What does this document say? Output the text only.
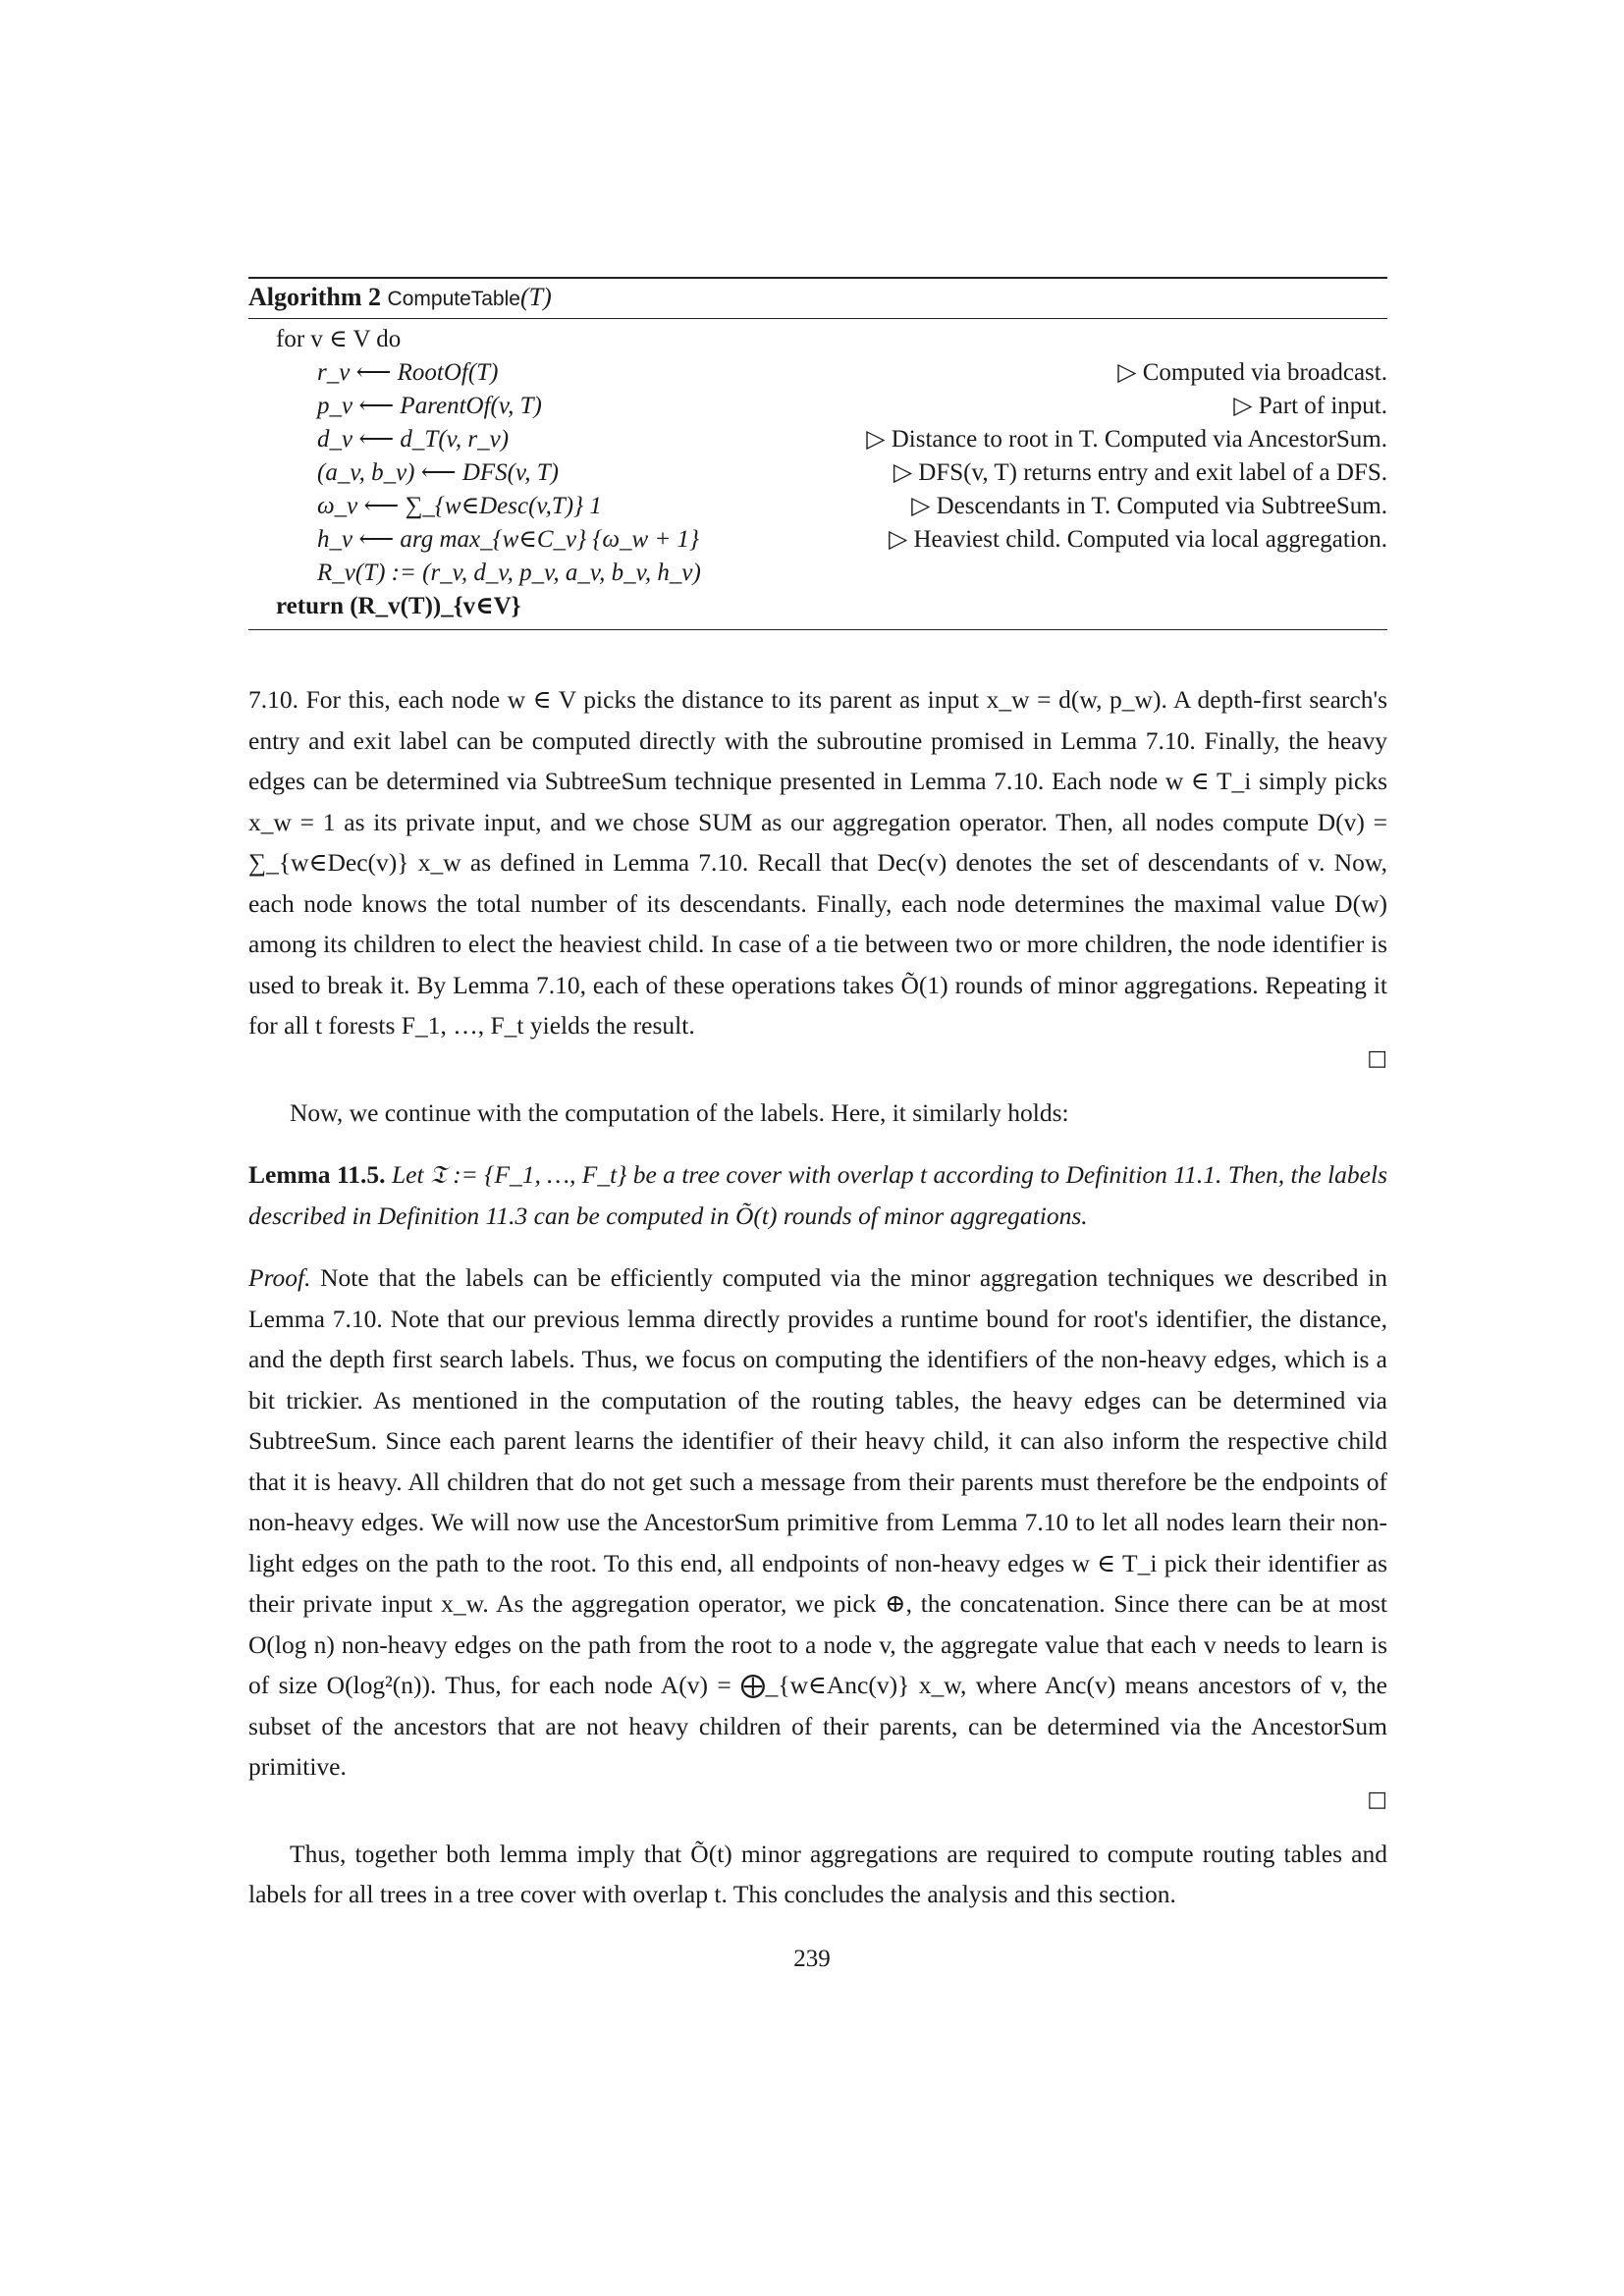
Algorithm 2 ComputeTable(T)
for v ∈ V do
r_v ⟵ RootOf(T)	▷ Computed via broadcast.
p_v ⟵ ParentOf(v, T)	▷ Part of input.
d_v ⟵ d_T(v, r_v)	▷ Distance to root in T. Computed via AncestorSum.
(a_v, b_v) ⟵ DFS(v, T)	▷ DFS(v, T) returns entry and exit label of a DFS.
ω_v ⟵ ∑_{w∈Desc(v,T)} 1	▷ Descendants in T. Computed via SubtreeSum.
h_v ⟵ arg max_{w∈C_v} {ω_w + 1}	▷ Heaviest child. Computed via local aggregation.
R_v(T) := (r_v, d_v, p_v, a_v, b_v, h_v)
return (R_v(T))_{v∈V}

7.10. For this, each node w ∈ V picks the distance to its parent as input x_w = d(w, p_w). A depth-first search's entry and exit label can be computed directly with the subroutine promised in Lemma 7.10. Finally, the heavy edges can be determined via SubtreeSum technique presented in Lemma 7.10. Each node w ∈ T_i simply picks x_w = 1 as its private input, and we chose SUM as our aggregation operator. Then, all nodes compute D(v) = ∑_{w∈Dec(v)} x_w as defined in Lemma 7.10. Recall that Dec(v) denotes the set of descendants of v. Now, each node knows the total number of its descendants. Finally, each node determines the maximal value D(w) among its children to elect the heaviest child. In case of a tie between two or more children, the node identifier is used to break it. By Lemma 7.10, each of these operations takes Õ(1) rounds of minor aggregations. Repeating it for all t forests F_1, …, F_t yields the result.

□

Now, we continue with the computation of the labels. Here, it similarly holds:

Lemma 11.5. Let 𝔗 := {F_1, …, F_t} be a tree cover with overlap t according to Definition 11.1. Then, the labels described in Definition 11.3 can be computed in Õ(t) rounds of minor aggregations.

Proof. Note that the labels can be efficiently computed via the minor aggregation techniques we described in Lemma 7.10. Note that our previous lemma directly provides a runtime bound for root's identifier, the distance, and the depth first search labels. Thus, we focus on computing the identifiers of the non-heavy edges, which is a bit trickier. As mentioned in the computation of the routing tables, the heavy edges can be determined via SubtreeSum. Since each parent learns the identifier of their heavy child, it can also inform the respective child that it is heavy. All children that do not get such a message from their parents must therefore be the endpoints of non-heavy edges. We will now use the AncestorSum primitive from Lemma 7.10 to let all nodes learn their non-light edges on the path to the root. To this end, all endpoints of non-heavy edges w ∈ T_i pick their identifier as their private input x_w. As the aggregation operator, we pick ⊕, the concatenation. Since there can be at most O(log n) non-heavy edges on the path from the root to a node v, the aggregate value that each v needs to learn is of size O(log²(n)). Thus, for each node A(v) = ⨁_{w∈Anc(v)} x_w, where Anc(v) means ancestors of v, the subset of the ancestors that are not heavy children of their parents, can be determined via the AncestorSum primitive.

□

Thus, together both lemma imply that Õ(t) minor aggregations are required to compute routing tables and labels for all trees in a tree cover with overlap t. This concludes the analysis and this section.

239
